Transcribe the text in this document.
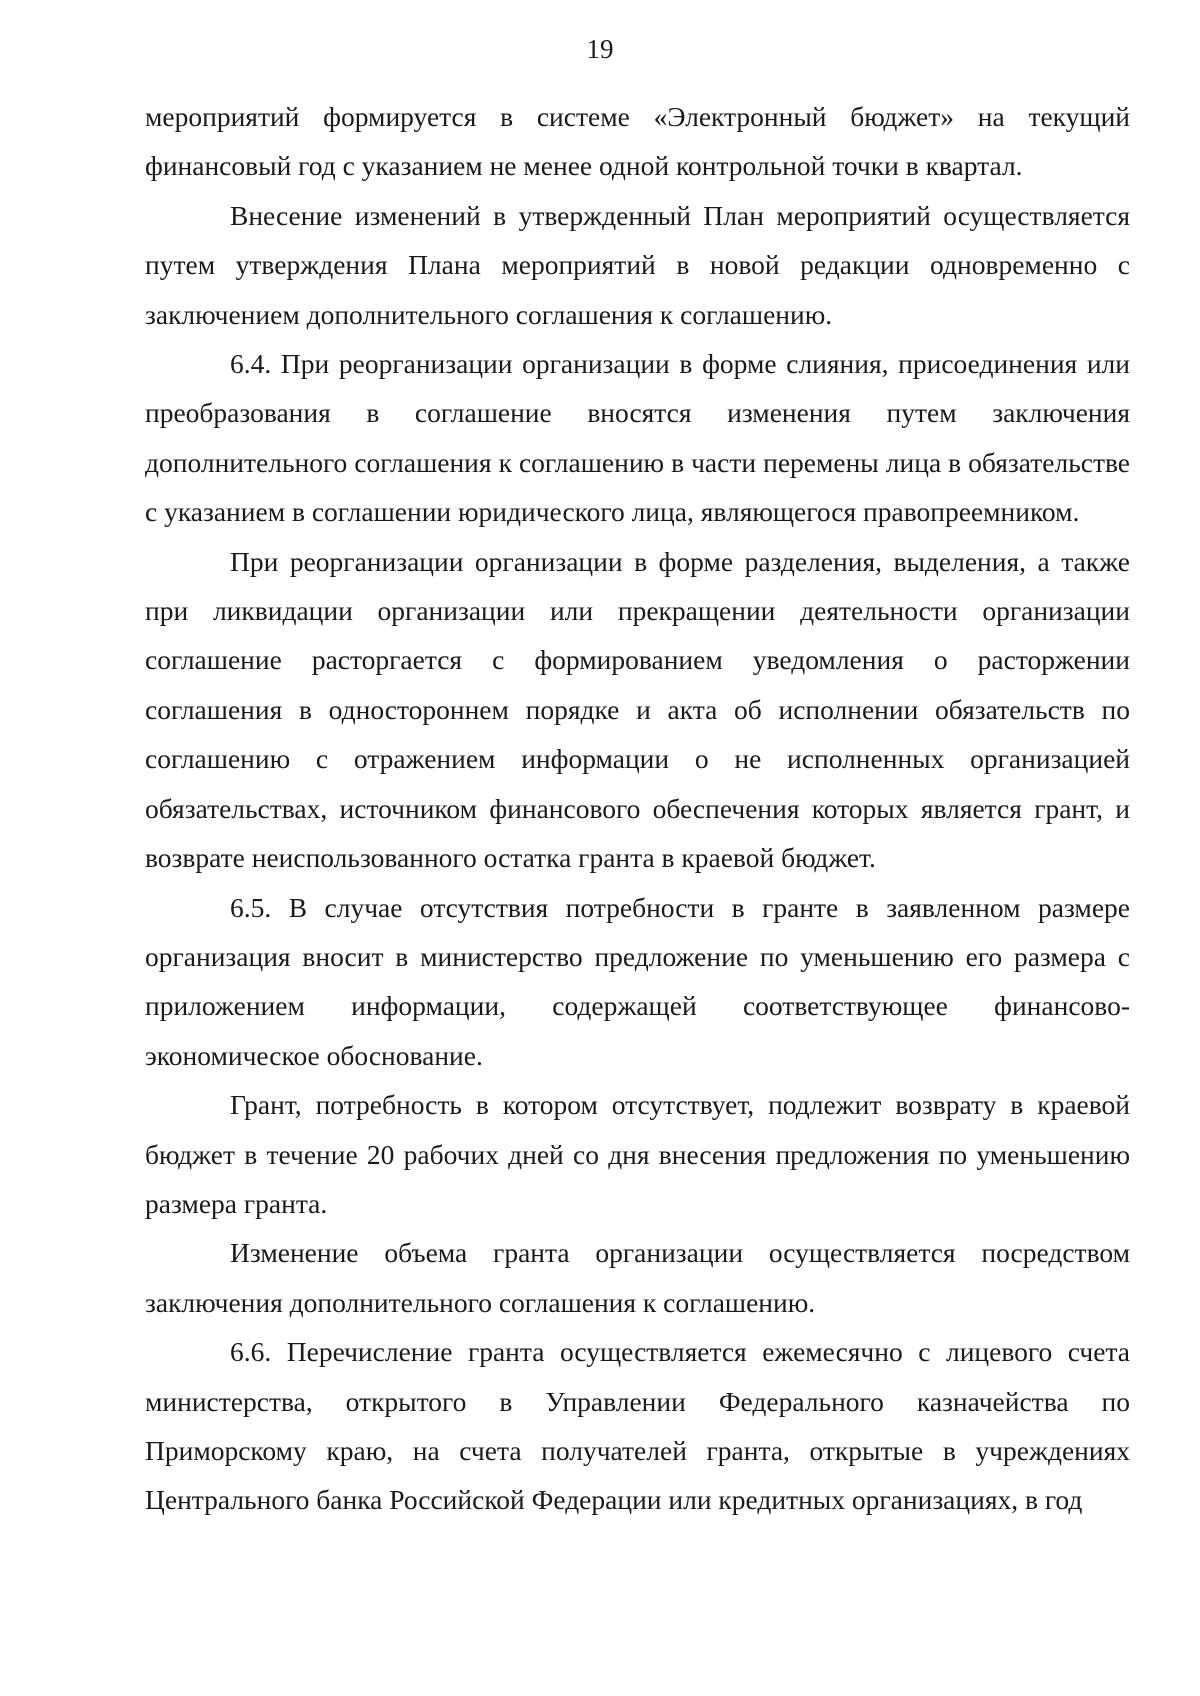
19

мероприятий формируется в системе «Электронный бюджет» на текущий финансовый год с указанием не менее одной контрольной точки в квартал.

Внесение изменений в утвержденный План мероприятий осуществляется путем утверждения Плана мероприятий в новой редакции одновременно с заключением дополнительного соглашения к соглашению.

6.4. При реорганизации организации в форме слияния, присоединения или преобразования в соглашение вносятся изменения путем заключения дополнительного соглашения к соглашению в части перемены лица в обязательстве с указанием в соглашении юридического лица, являющегося правопреемником.

При реорганизации организации в форме разделения, выделения, а также при ликвидации организации или прекращении деятельности организации соглашение расторгается с формированием уведомления о расторжении соглашения в одностороннем порядке и акта об исполнении обязательств по соглашению с отражением информации о не исполненных организацией обязательствах, источником финансового обеспечения которых является грант, и возврате неиспользованного остатка гранта в краевой бюджет.

6.5. В случае отсутствия потребности в гранте в заявленном размере организация вносит в министерство предложение по уменьшению его размера с приложением информации, содержащей соответствующее финансово-экономическое обоснование.

Грант, потребность в котором отсутствует, подлежит возврату в краевой бюджет в течение 20 рабочих дней со дня внесения предложения по уменьшению размера гранта.

Изменение объема гранта организации осуществляется посредством заключения дополнительного соглашения к соглашению.

6.6. Перечисление гранта осуществляется ежемесячно с лицевого счета министерства, открытого в Управлении Федерального казначейства по Приморскому краю, на счета получателей гранта, открытые в учреждениях Центрального банка Российской Федерации или кредитных организациях, в год
